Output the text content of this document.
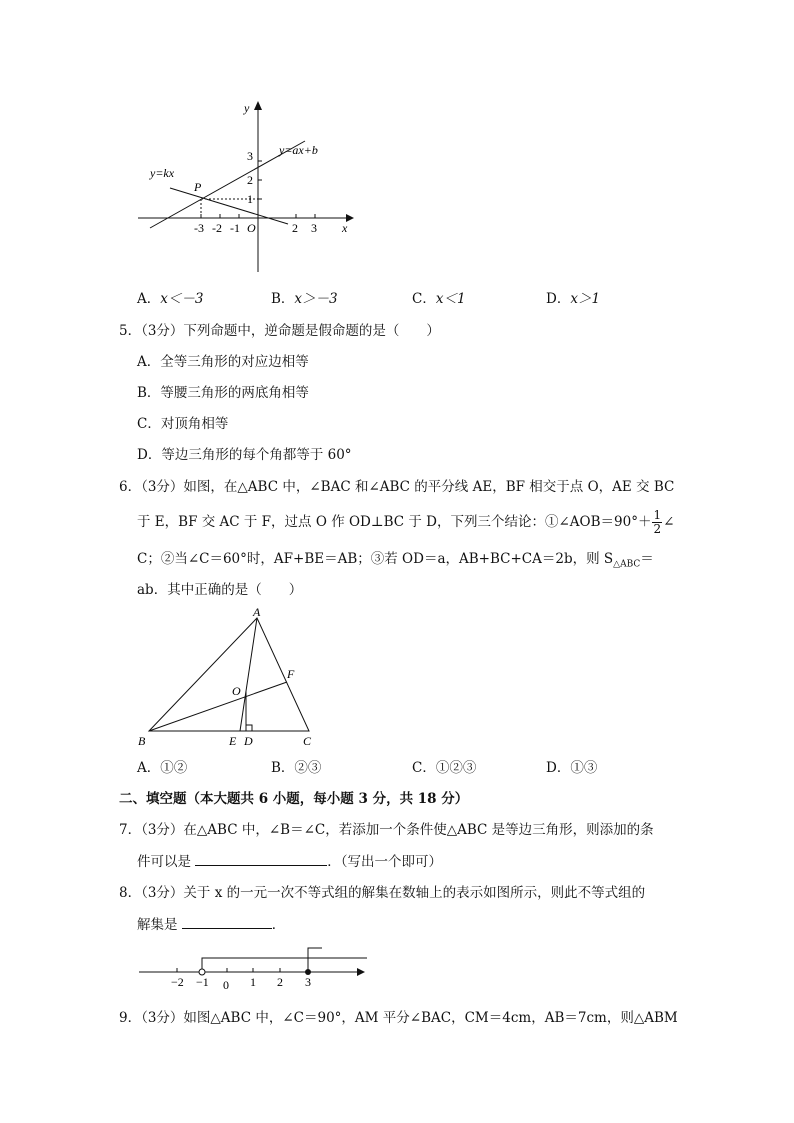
y
x
O
P
y=ax+b
y=kx
-3 -2 -1	2 3
3
2
1
A．x＜－3	B．x＞－3	C．x＜1	D．x＞1
5．（3分）下列命题中，逆命题是假命题的是（　　）
A．全等三角形的对应边相等
B．等腰三角形的两底角相等
C．对顶角相等
D．等边三角形的每个角都等于 60°
6．（3分）如图，在△ABC 中，∠BAC 和∠ABC 的平分线 AE，BF 相交于点 O，AE 交 BC
于 E，BF 交 AC 于 F，过点 O 作 OD⊥BC 于 D，下列三个结论：①∠AOB＝90°＋ $\frac{1}{2}$ ∠
C；②当∠C＝60°时，AF+BE＝AB；③若 OD＝a，AB+BC+CA＝2b，则 $S_{\triangle ABC}=$
ab．其中正确的是（　　）
A
B	C
D
E
F
O
A．①②	B．②③	C．①②③	D．①③
二、填空题（本大题共 6 小题，每小题 3 分，共 18 分）
7．（3分）在△ABC 中，∠B＝∠C，若添加一个条件使△ABC 是等边三角形，则添加的条
件可以是	．（写出一个即可）
8．（3分）关于 x 的一元一次不等式组的解集在数轴上的表示如图所示，则此不等式组的
解集是	．
−2 −1 0 1 2 3
9．（3分）如图△ABC 中，∠C＝90°，AM 平分∠BAC，CM＝4cm，AB＝7cm，则△ABM
